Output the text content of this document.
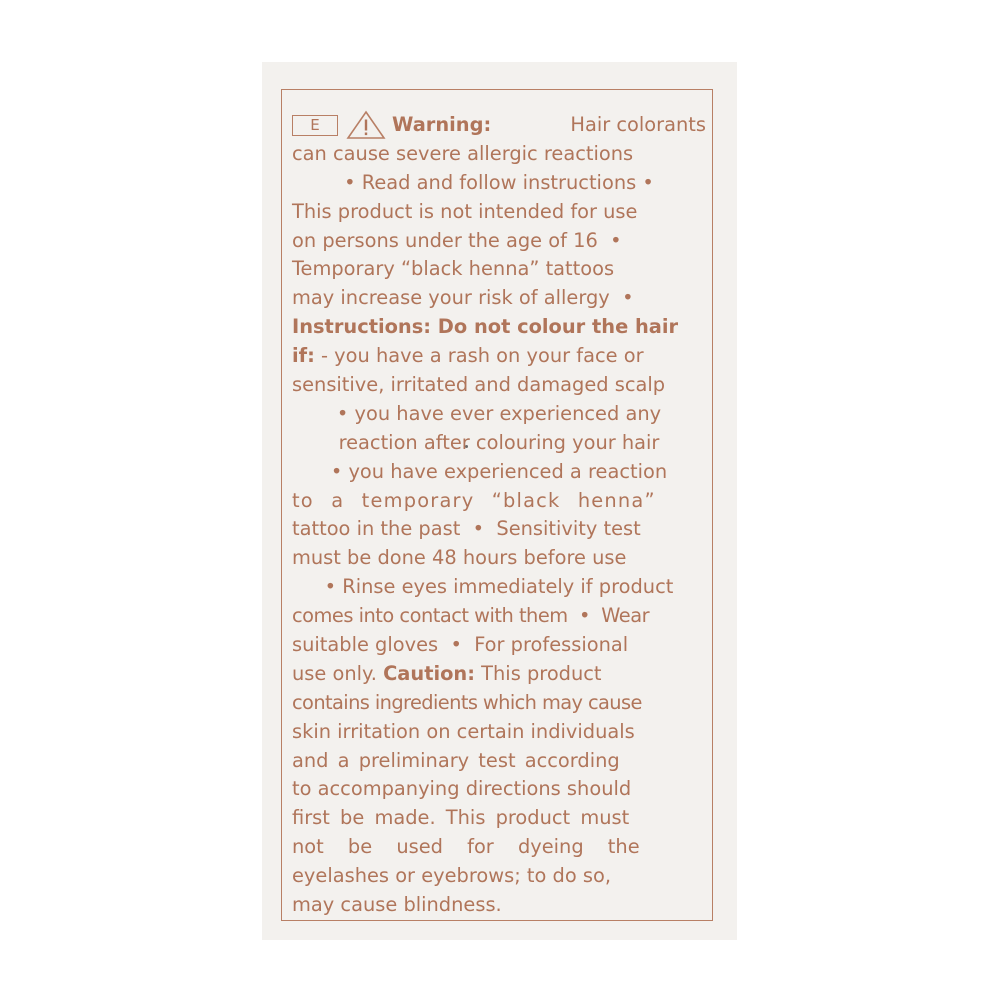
E	Warning:	Hair colorants
can cause severe allergic reactions
• Read and follow instructions •
This product is not intended for use
on persons under the age of 16  •
Temporary “black henna” tattoos
may increase your risk of allergy  •
Instructions: Do not colour the hair
if: - you have a rash on your face or
sensitive, irritated and damaged scalp
• you have ever experienced any
reaction after colouring your hair
• you have experienced a reaction
to a temporary “black henna”
tattoo in the past  •  Sensitivity test
must be done 48 hours before use
• Rinse eyes immediately if product
comes into contact with them  •  Wear
suitable gloves  •  For professional
use only. Caution: This product
contains ingredients which may cause
skin irritation on certain individuals
and a preliminary test according
to accompanying directions should
first be made. This product must
not be used for dyeing the
eyelashes or eyebrows; to do so,
may cause blindness.
